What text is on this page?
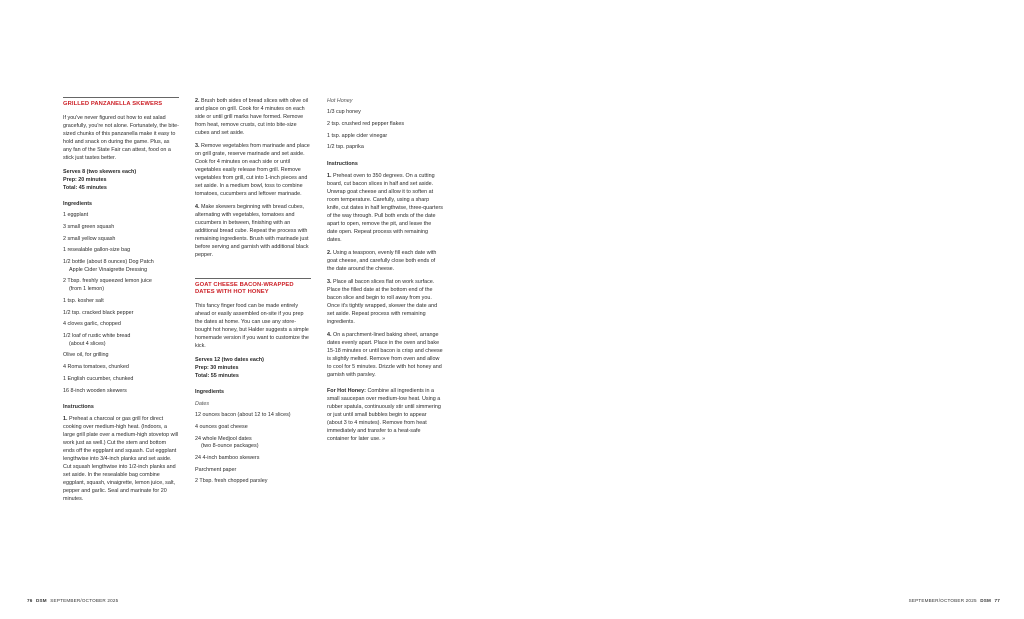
GRILLED PANZANELLA SKEWERS

If you've never figured out how to eat salad gracefully, you're not alone. Fortunately, the bite-sized chunks of this panzanella make it easy to hold and snack on during the game. Plus, as any fan of the State Fair can attest, food on a stick just tastes better.

Serves 8 (two skewers each)
Prep: 20 minutes
Total: 45 minutes
Ingredients
1 eggplant
3 small green squash
2 small yellow squash
1 resealable gallon-size bag
1/2 bottle (about 8 ounces) Dog Patch
Apple Cider Vinaigrette Dressing
2 Tbsp. freshly squeezed lemon juice
(from 1 lemon)
1 tsp. kosher salt
1/2 tsp. cracked black pepper
4 cloves garlic, chopped
1/2 loaf of rustic white bread
(about 4 slices)
Olive oil, for grilling
4 Roma tomatoes, chunked
1 English cucumber, chunked
16 8-inch wooden skewers
Instructions
1. Preheat a charcoal or gas grill for direct cooking over medium-high heat. (Indoors, a large grill plate over a medium-high stovetop will work just as well.) Cut the stem and bottom ends off the eggplant and squash. Cut eggplant lengthwise into 3/4-inch planks and set aside. Cut squash lengthwise into 1/2-inch planks and set aside. In the resealable bag combine eggplant, squash, vinaigrette, lemon juice, salt, pepper and garlic. Seal and marinate for 20 minutes.
2. Brush both sides of bread slices with olive oil and place on grill. Cook for 4 minutes on each side or until grill marks have formed. Remove from heat, remove crusts, cut into bite-size cubes and set aside.
3. Remove vegetables from marinade and place on grill grate, reserve marinade and set aside. Cook for 4 minutes on each side or until vegetables easily release from grill. Remove vegetables from grill, cut into 1-inch pieces and set aside. In a medium bowl, toss to combine tomatoes, cucumbers and leftover marinade.
4. Make skewers beginning with bread cubes, alternating with vegetables, tomatoes and cucumbers in between, finishing with an additional bread cube. Repeat the process with remaining ingredients. Brush with marinade just before serving and garnish with additional black pepper.
GOAT CHEESE BACON-WRAPPED DATES WITH HOT HONEY

This fancy finger food can be made entirely ahead or easily assembled on-site if you prep the dates at home. You can use any store-bought hot honey, but Halder suggests a simple homemade version if you want to customize the kick.

Serves 12 (two dates each)
Prep: 30 minutes
Total: 55 minutes
Ingredients
Dates
12 ounces bacon (about 12 to 14 slices)
4 ounces goat cheese
24 whole Medjool dates
(two 8-ounce packages)
24 4-inch bamboo skewers
Parchment paper
2 Tbsp. fresh chopped parsley
Hot Honey
1/3 cup honey
2 tsp. crushed red pepper flakes
1 tsp. apple cider vinegar
1/2 tsp. paprika
Instructions
1. Preheat oven to 350 degrees. On a cutting board, cut bacon slices in half and set aside. Unwrap goat cheese and allow it to soften at room temperature. Carefully, using a sharp knife, cut dates in half lengthwise, three-quarters of the way through. Pull both ends of the date apart to open, remove the pit, and leave the date open. Repeat process with remaining dates.
2. Using a teaspoon, evenly fill each date with goat cheese, and carefully close both ends of the date around the cheese.
3. Place all bacon slices flat on work surface. Place the filled date at the bottom end of the bacon slice and begin to roll away from you. Once it's tightly wrapped, skewer the date and set aside. Repeat process with remaining ingredients.
4. On a parchment-lined baking sheet, arrange dates evenly apart. Place in the oven and bake 15-18 minutes or until bacon is crisp and cheese is slightly melted. Remove from oven and allow to cool for 5 minutes. Drizzle with hot honey and garnish with parsley.
For Hot Honey: Combine all ingredients in a small saucepan over medium-low heat. Using a rubber spatula, continuously stir until simmering or just until small bubbles begin to appear (about 3 to 4 minutes). Remove from heat immediately and transfer to a heat-safe container for later use. »
76 DSM SEPTEMBER/OCTOBER 2025	SEPTEMBER/OCTOBER 2025 DSM 77
